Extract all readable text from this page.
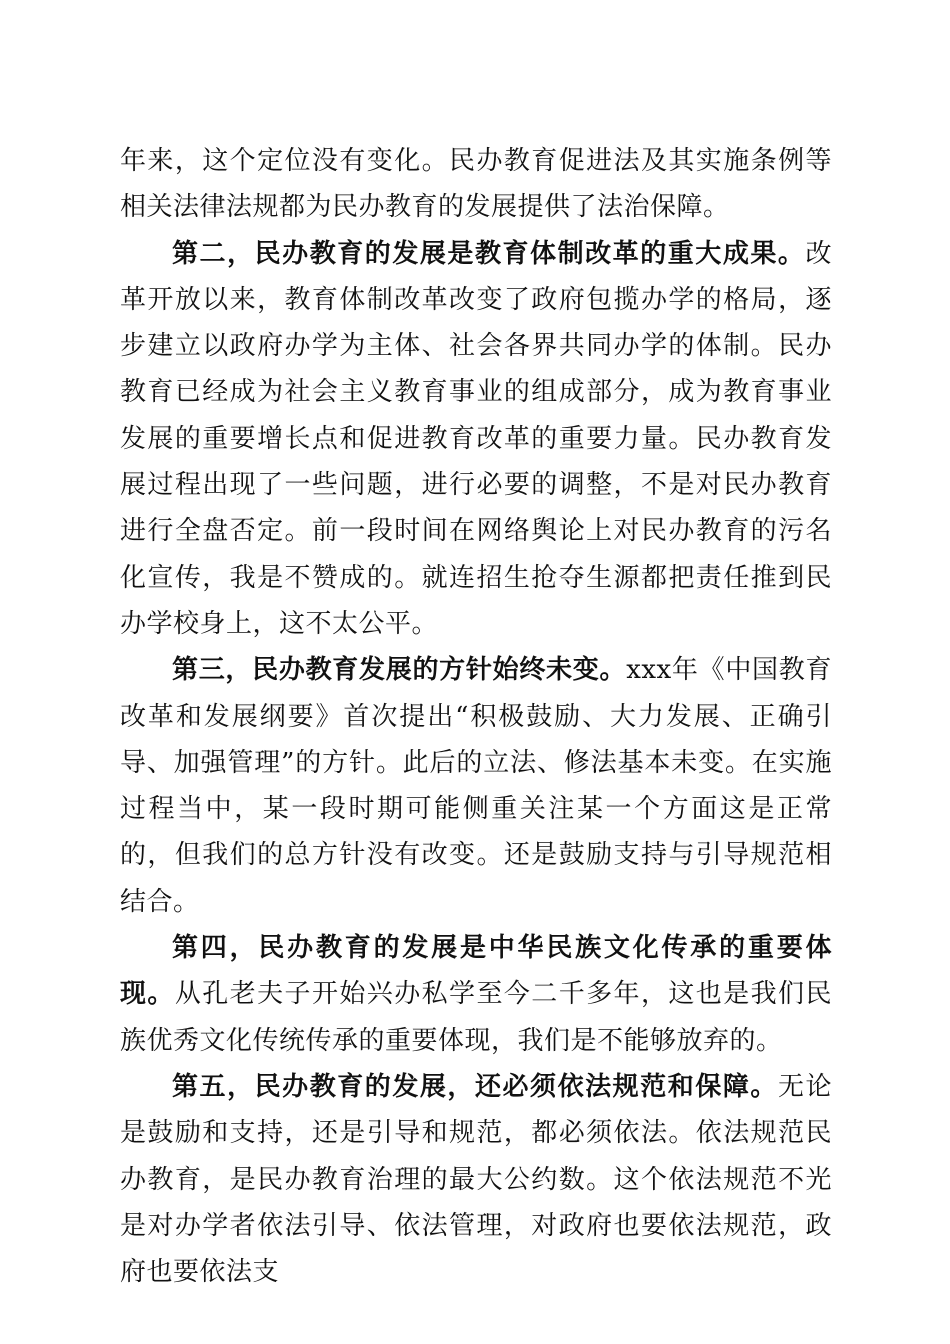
年来，这个定位没有变化。民办教育促进法及其实施条例等相关法律法规都为民办教育的发展提供了法治保障。

第二，民办教育的发展是教育体制改革的重大成果。改革开放以来，教育体制改革改变了政府包揽办学的格局，逐步建立以政府办学为主体、社会各界共同办学的体制。民办教育已经成为社会主义教育事业的组成部分，成为教育事业发展的重要增长点和促进教育改革的重要力量。民办教育发展过程出现了一些问题，进行必要的调整，不是对民办教育进行全盘否定。前一段时间在网络舆论上对民办教育的污名化宣传，我是不赞成的。就连招生抢夺生源都把责任推到民办学校身上，这不太公平。

第三，民办教育发展的方针始终未变。xxx年《中国教育改革和发展纲要》首次提出“积极鼓励、大力发展、正确引导、加强管理”的方针。此后的立法、修法基本未变。在实施过程当中，某一段时期可能侧重关注某一个方面这是正常的，但我们的总方针没有改变。还是鼓励支持与引导规范相结合。

第四，民办教育的发展是中华民族文化传承的重要体现。从孔老夫子开始兴办私学至今二千多年，这也是我们民族优秀文化传统传承的重要体现，我们是不能够放弃的。

第五，民办教育的发展，还必须依法规范和保障。无论是鼓励和支持，还是引导和规范，都必须依法。依法规范民办教育，是民办教育治理的最大公约数。这个依法规范不光是对办学者依法引导、依法管理，对政府也要依法规范，政府也要依法支
